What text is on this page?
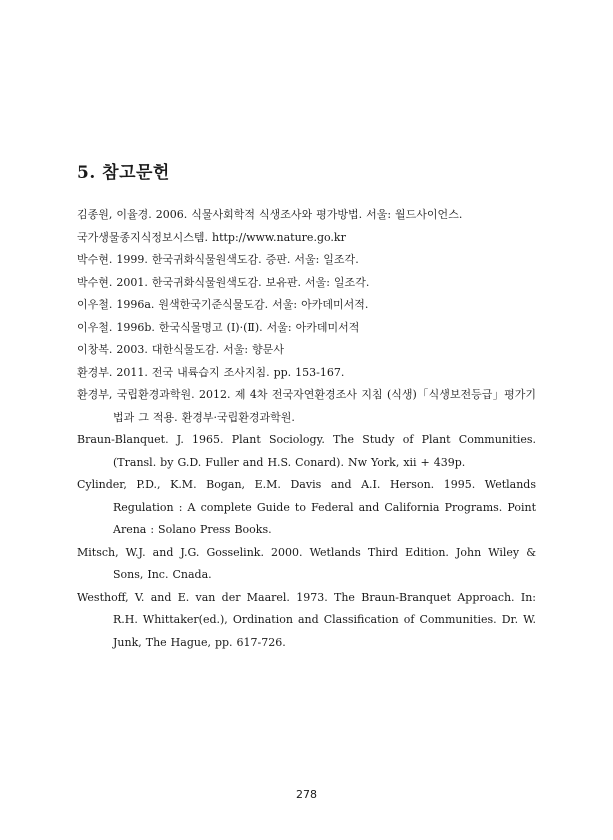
5. 참고문헌
김종원, 이율경. 2006. 식물사회학적 식생조사와 평가방법. 서울: 월드사이언스.
국가생물종지식정보시스템. http://www.nature.go.kr
박수현. 1999. 한국귀화식물원색도감. 증판. 서울: 일조각.
박수현. 2001. 한국귀화식물원색도감. 보유판. 서울: 일조각.
이우철. 1996a. 원색한국기준식물도감. 서울: 아카데미서적.
이우철. 1996b. 한국식물명고 (Ⅰ)·(Ⅱ). 서울: 아카데미서적
이창복. 2003. 대한식물도감. 서울: 향문사
환경부. 2011. 전국 내륙습지 조사지침. pp. 153-167.
환경부, 국립환경과학원. 2012. 제 4차 전국자연환경조사 지침 (식생)「식생보전등급」평가기법과 그 적용. 환경부·국립환경과학원.
Braun-Blanquet. J. 1965. Plant Sociology. The Study of Plant Communities. (Transl. by G.D. Fuller and H.S. Conard). Nw York, xii + 439p.
Cylinder, P.D., K.M. Bogan, E.M. Davis and A.I. Herson. 1995. Wetlands Regulation : A complete Guide to Federal and California Programs. Point Arena : Solano Press Books.
Mitsch, W.J. and J.G. Gosselink. 2000. Wetlands Third Edition. John Wiley & Sons, Inc. Cnada.
Westhoff, V. and E. van der Maarel. 1973. The Braun-Branquet Approach. In: R.H. Whittaker(ed.), Ordination and Classification of Communities. Dr. W. Junk, The Hague, pp. 617-726.
278
